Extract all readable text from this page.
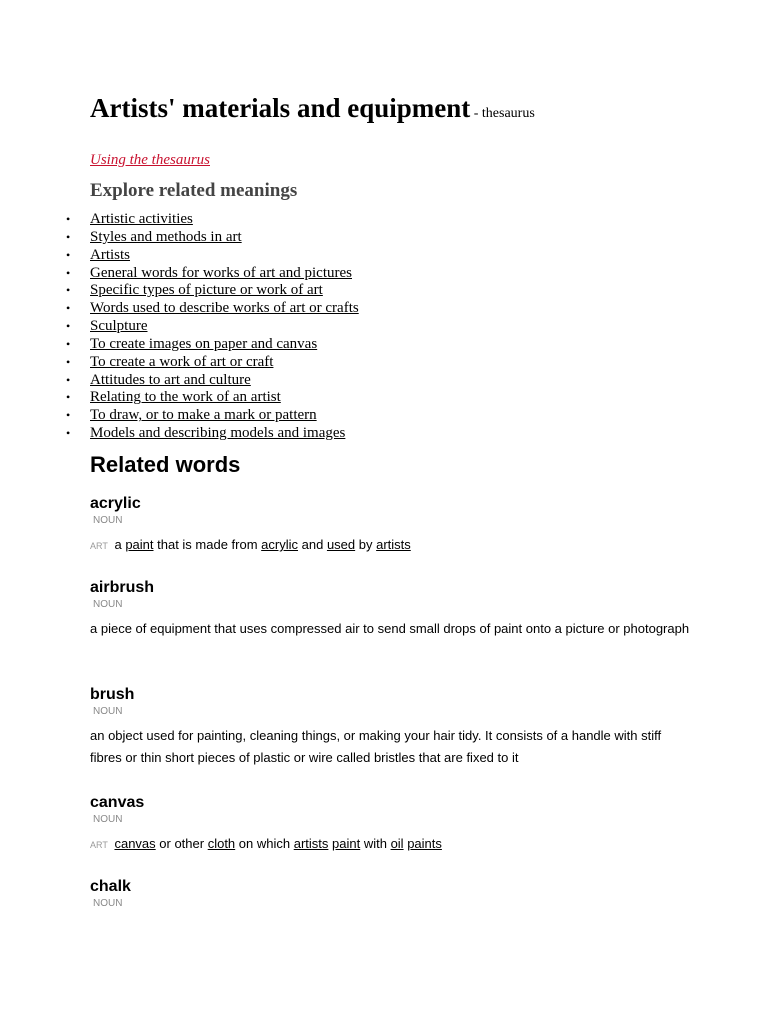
Artists' materials and equipment - thesaurus
Using the thesaurus
Explore related meanings
• Artistic activities
• Styles and methods in art
• Artists
• General words for works of art and pictures
• Specific types of picture or work of art
• Words used to describe works of art or crafts
• Sculpture
• To create images on paper and canvas
• To create a work of art or craft
• Attitudes to art and culture
• Relating to the work of an artist
• To draw, or to make a mark or pattern
• Models and describing models and images
Related words
acrylic
NOUN
ART a paint that is made from acrylic and used by artists
airbrush
NOUN
a piece of equipment that uses compressed air to send small drops of paint onto a picture or photograph
brush
NOUN
an object used for painting, cleaning things, or making your hair tidy. It consists of a handle with stiff fibres or thin short pieces of plastic or wire called bristles that are fixed to it
canvas
NOUN
ART canvas or other cloth on which artists paint with oil paints
chalk
NOUN
